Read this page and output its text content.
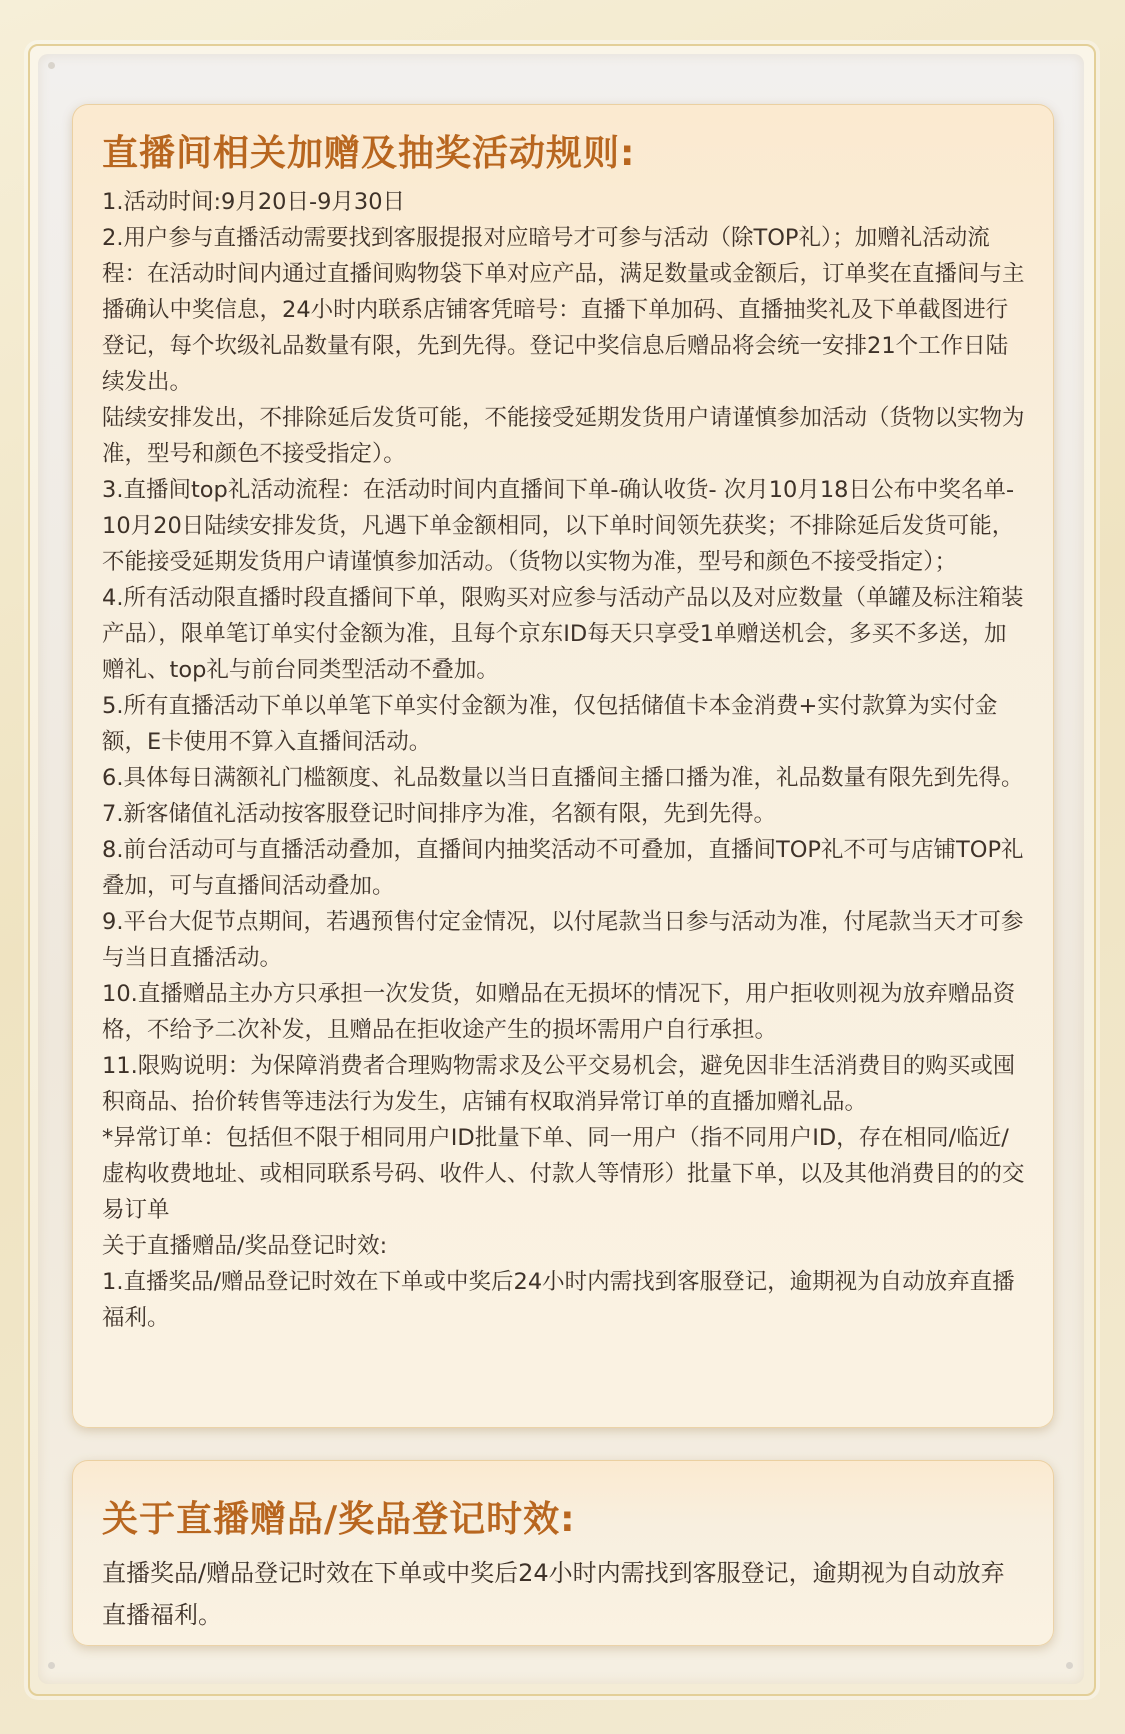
直播间相关加赠及抽奖活动规则:

1.活动时间:9月20日-9月30日

2.用户参与直播活动需要找到客服提报对应暗号才可参与活动（除TOP礼）；加赠礼活动流程：在活动时间内通过直播间购物袋下单对应产品，满足数量或金额后，订单奖在直播间与主播确认中奖信息，24小时内联系店铺客凭暗号：直播下单加码、直播抽奖礼及下单截图进行登记，每个坎级礼品数量有限，先到先得。登记中奖信息后赠品将会统一安排21个工作日陆续发出。

陆续安排发出，不排除延后发货可能，不能接受延期发货用户请谨慎参加活动（货物以实物为准，型号和颜色不接受指定）。

3.直播间top礼活动流程：在活动时间内直播间下单-确认收货- 次月10月18日公布中奖名单-10月20日陆续安排发货，凡遇下单金额相同，以下单时间领先获奖；不排除延后发货可能，不能接受延期发货用户请谨慎参加活动。（货物以实物为准，型号和颜色不接受指定）；

4.所有活动限直播时段直播间下单，限购买对应参与活动产品以及对应数量（单罐及标注箱装产品），限单笔订单实付金额为准，且每个京东ID每天只享受1单赠送机会，多买不多送，加赠礼、top礼与前台同类型活动不叠加。

5.所有直播活动下单以单笔下单实付金额为准，仅包括储值卡本金消费+实付款算为实付金额，E卡使用不算入直播间活动。

6.具体每日满额礼门槛额度、礼品数量以当日直播间主播口播为准，礼品数量有限先到先得。

7.新客储值礼活动按客服登记时间排序为准，名额有限，先到先得。

8.前台活动可与直播活动叠加，直播间内抽奖活动不可叠加，直播间TOP礼不可与店铺TOP礼叠加，可与直播间活动叠加。

9.平台大促节点期间，若遇预售付定金情况，以付尾款当日参与活动为准，付尾款当天才可参与当日直播活动。

10.直播赠品主办方只承担一次发货，如赠品在无损坏的情况下，用户拒收则视为放弃赠品资格，不给予二次补发，且赠品在拒收途产生的损坏需用户自行承担。

11.限购说明：为保障消费者合理购物需求及公平交易机会，避免因非生活消费目的购买或囤积商品、抬价转售等违法行为发生，店铺有权取消异常订单的直播加赠礼品。

*异常订单：包括但不限于相同用户ID批量下单、同一用户（指不同用户ID，存在相同/临近/虚构收费地址、或相同联系号码、收件人、付款人等情形）批量下单，以及其他消费目的的交易订单

关于直播赠品/奖品登记时效:

1.直播奖品/赠品登记时效在下单或中奖后24小时内需找到客服登记，逾期视为自动放弃直播福利。

关于直播赠品/奖品登记时效:

直播奖品/赠品登记时效在下单或中奖后24小时内需找到客服登记，逾期视为自动放弃直播福利。
